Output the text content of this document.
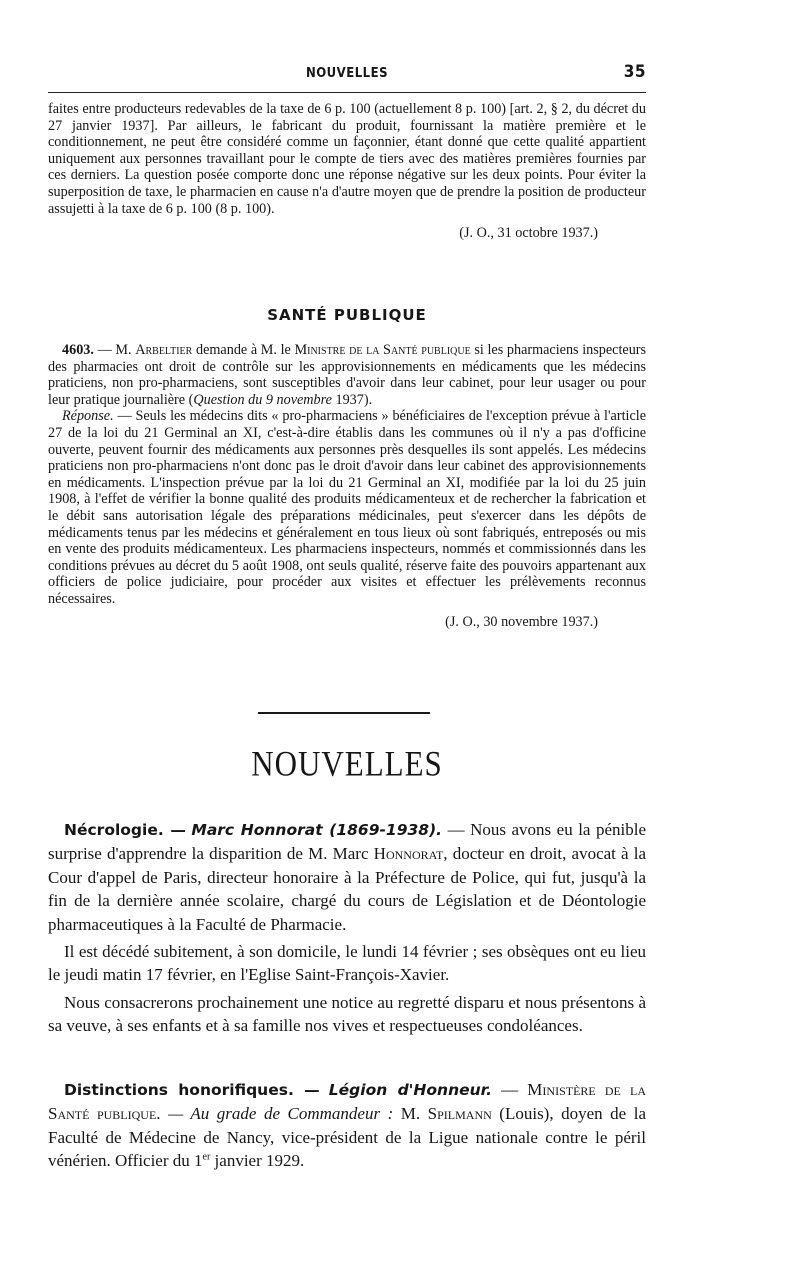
NOUVELLES	35

faites entre producteurs redevables de la taxe de 6 p. 100 (actuellement 8 p. 100) [art. 2, § 2, du décret du 27 janvier 1937]. Par ailleurs, le fabricant du produit, fournissant la matière première et le conditionnement, ne peut être considéré comme un façonnier, étant donné que cette qualité appartient uniquement aux personnes travaillant pour le compte de tiers avec des matières premières fournies par ces derniers. La question posée comporte donc une réponse négative sur les deux points. Pour éviter la superposition de taxe, le pharmacien en cause n'a d'autre moyen que de prendre la position de producteur assujetti à la taxe de 6 p. 100 (8 p. 100).

(J. O., 31 octobre 1937.)

SANTÉ PUBLIQUE

4603. — M. Arbeltier demande à M. le Ministre de la Santé publique si les pharmaciens inspecteurs des pharmacies ont droit de contrôle sur les approvisionnements en médicaments que les médecins praticiens, non pro-pharmaciens, sont susceptibles d'avoir dans leur cabinet, pour leur usager ou pour leur pratique journalière (Question du 9 novembre 1937).

Réponse. — Seuls les médecins dits « pro-pharmaciens » bénéficiaires de l'exception prévue à l'article 27 de la loi du 21 Germinal an XI, c'est-à-dire établis dans les communes où il n'y a pas d'officine ouverte, peuvent fournir des médicaments aux personnes près desquelles ils sont appelés. Les médecins praticiens non pro-pharmaciens n'ont donc pas le droit d'avoir dans leur cabinet des approvisionnements en médicaments. L'inspection prévue par la loi du 21 Germinal an XI, modifiée par la loi du 25 juin 1908, à l'effet de vérifier la bonne qualité des produits médicamenteux et de rechercher la fabrication et le débit sans autorisation légale des préparations médicinales, peut s'exercer dans les dépôts de médicaments tenus par les médecins et généralement en tous lieux où sont fabriqués, entreposés ou mis en vente des produits médicamenteux. Les pharmaciens inspecteurs, nommés et commissionnés dans les conditions prévues au décret du 5 août 1908, ont seuls qualité, réserve faite des pouvoirs appartenant aux officiers de police judiciaire, pour procéder aux visites et effectuer les prélèvements reconnus nécessaires.

(J. O., 30 novembre 1937.)

NOUVELLES

Nécrologie. — Marc Honnorat (1869-1938). — Nous avons eu la pénible surprise d'apprendre la disparition de M. Marc Honnorat, docteur en droit, avocat à la Cour d'appel de Paris, directeur honoraire à la Préfecture de Police, qui fut, jusqu'à la fin de la dernière année scolaire, chargé du cours de Législation et de Déontologie pharmaceutiques à la Faculté de Pharmacie.

Il est décédé subitement, à son domicile, le lundi 14 février ; ses obsèques ont eu lieu le jeudi matin 17 février, en l'Eglise Saint-François-Xavier.

Nous consacrerons prochainement une notice au regretté disparu et nous présentons à sa veuve, à ses enfants et à sa famille nos vives et respectueuses condoléances.

Distinctions honorifiques. — Légion d'Honneur. — Ministère de la Santé publique. — Au grade de Commandeur : M. Spilmann (Louis), doyen de la Faculté de Médecine de Nancy, vice-président de la Ligue nationale contre le péril vénérien. Officier du 1er janvier 1929.
